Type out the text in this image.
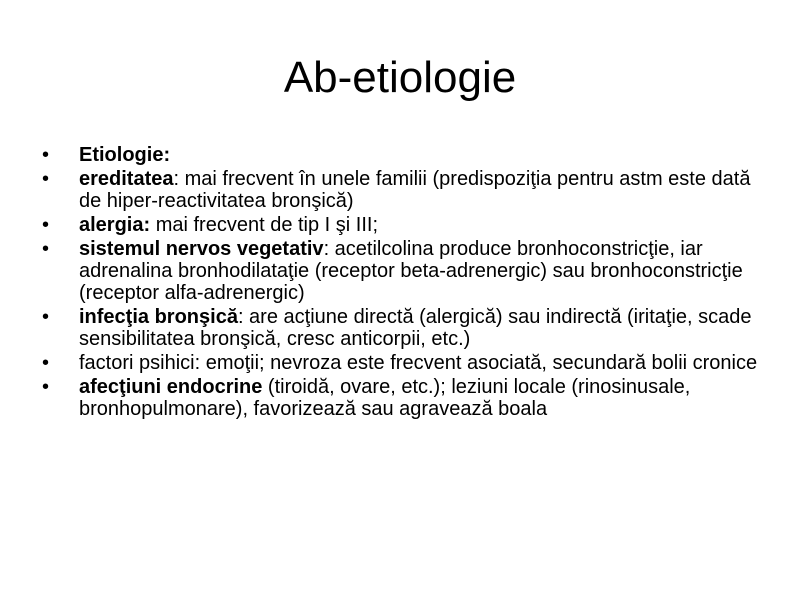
Ab-etiologie
•	Etiologie:
•	ereditatea: mai frecvent în unele familii (predispoziţia pentru astm este dată de hiper-reactivitatea bronşică)
•	alergia: mai frecvent de tip I şi III;
•	sistemul nervos vegetativ: acetilcolina produce bronhoconstricţie, iar adrenalina bronhodilataţie (receptor beta-adrenergic) sau bronhoconstricţie (receptor alfa-adrenergic)
•	infecţia bronşică: are acţiune directă (alergică) sau indirectă (iritaţie, scade sensibilitatea bronşică, cresc anticorpii, etc.)
•	factori psihici: emoţii; nevroza este frecvent asociată, secundară bolii cronice
•	afecţiuni endocrine (tiroidă, ovare, etc.); leziuni locale (rinosinusale, bronhopulmonare), favorizează sau agravează boala
